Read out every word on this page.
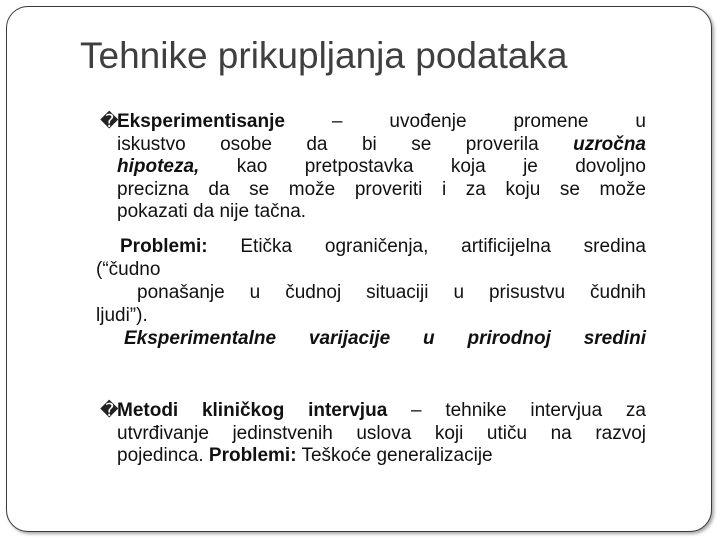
Tehnike prikupljanja podataka
�
Eksperimentisanje – uvođenje promene u
iskustvo osobe da bi se proverila uzročna
hipoteza, kao pretpostavka koja je dovoljno
precizna da se može proveriti i za koju se može
pokazati da nije tačna.
Problemi: Etička ograničenja, artificijelna sredina
(“čudno
ponašanje u čudnoj situaciji u prisustvu čudnih
ljudi”).
Eksperimentalne varijacije u prirodnoj sredini
�
Metodi kliničkog intervjua – tehnike intervjua za
utvrđivanje jedinstvenih uslova koji utiču na razvoj
pojedinca. Problemi: Teškoće generalizacije
